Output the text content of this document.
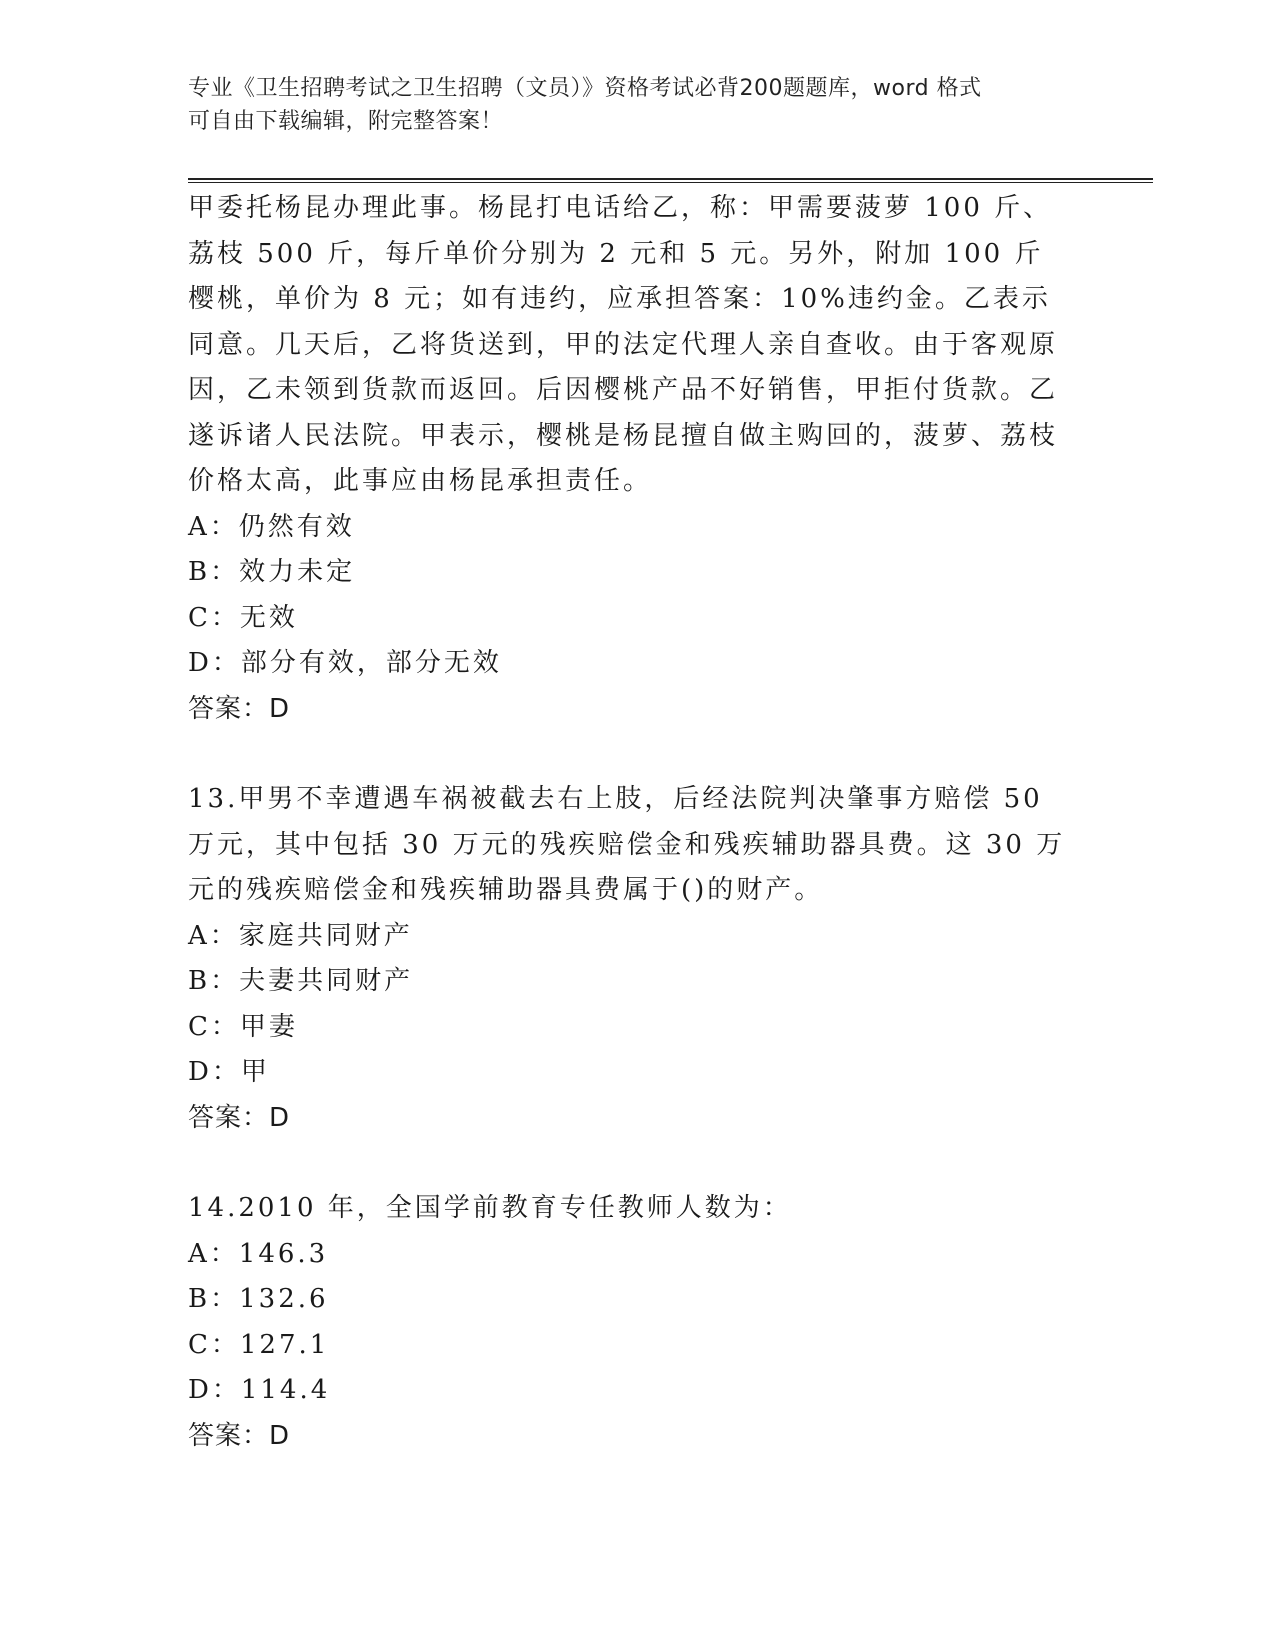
专业《卫生招聘考试之卫生招聘（文员）》资格考试必背200题题库，word 格式
可自由下载编辑，附完整答案！

甲委托杨昆办理此事。杨昆打电话给乙，称：甲需要菠萝 100 斤、荔枝 500 斤，每斤单价分别为 2 元和 5 元。另外，附加 100 斤樱桃，单价为 8 元；如有违约，应承担答案：10%违约金。乙表示同意。几天后，乙将货送到，甲的法定代理人亲自查收。由于客观原因，乙未领到货款而返回。后因樱桃产品不好销售，甲拒付货款。乙遂诉诸人民法院。甲表示，樱桃是杨昆擅自做主购回的，菠萝、荔枝价格太高，此事应由杨昆承担责任。

A：仍然有效

B：效力未定

C：无效

D：部分有效，部分无效

答案：D

13.甲男不幸遭遇车祸被截去右上肢，后经法院判决肇事方赔偿 50 万元，其中包括 30 万元的残疾赔偿金和残疾辅助器具费。这 30 万元的残疾赔偿金和残疾辅助器具费属于()的财产。

A：家庭共同财产

B：夫妻共同财产

C：甲妻

D：甲

答案：D

14.2010 年，全国学前教育专任教师人数为：

A：146.3

B：132.6

C：127.1

D：114.4

答案：D
